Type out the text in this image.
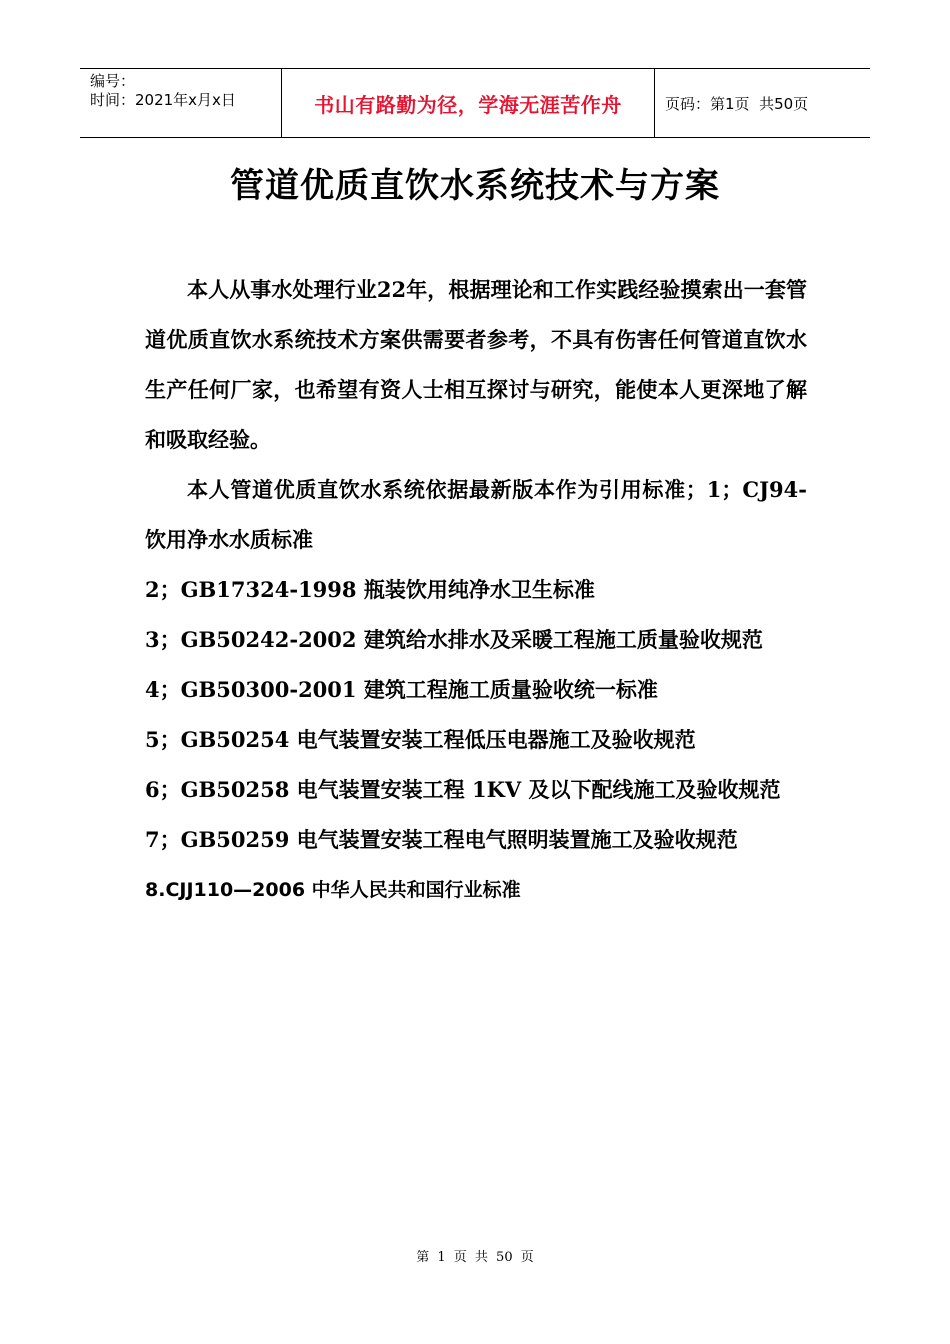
编号：
时间：2021年x月x日	书山有路勤为径，学海无涯苦作舟	页码：第1页  共50页
管道优质直饮水系统技术与方案

本人从事水处理行业22年，根据理论和工作实践经验摸索出一套管道优质直饮水系统技术方案供需要者参考，不具有伤害任何管道直饮水生产任何厂家，也希望有资人士相互探讨与研究，能使本人更深地了解和吸取经验。

本人管道优质直饮水系统依据最新版本作为引用标准；1；CJ94- 饮用净水水质标准

2；GB17324-1998 瓶装饮用纯净水卫生标准

3；GB50242-2002 建筑给水排水及采暖工程施工质量验收规范

4；GB50300-2001 建筑工程施工质量验收统一标准

5；GB50254 电气装置安装工程低压电器施工及验收规范

6；GB50258 电气装置安装工程 1KV 及以下配线施工及验收规范

7；GB50259 电气装置安装工程电气照明装置施工及验收规范

8.CJJ110—2006 中华人民共和国行业标准

第 1 页 共 50 页
